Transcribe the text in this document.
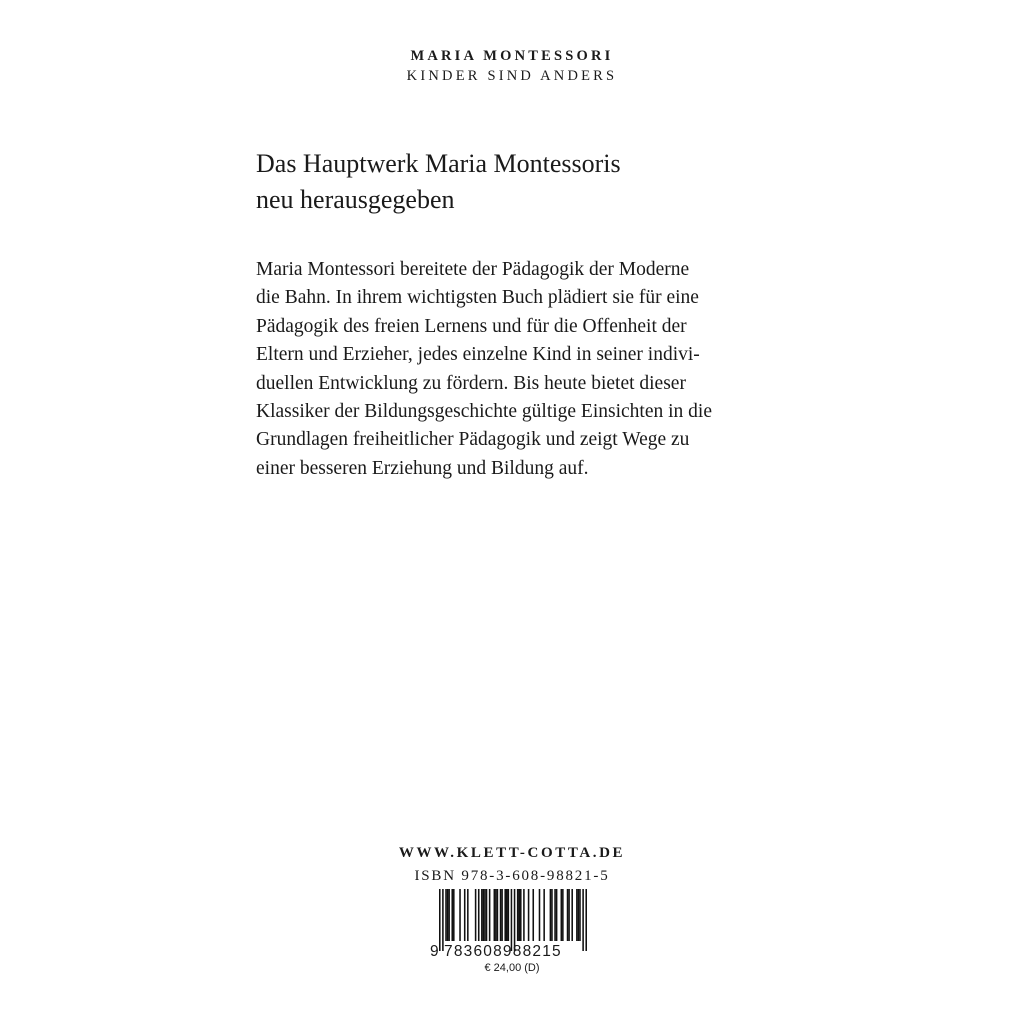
MARIA MONTESSORI
KINDER SIND ANDERS
Das Hauptwerk Maria Montessoris
neu herausgegeben
Maria Montessori bereitete der Pädagogik der Moderne
die Bahn. In ihrem wichtigsten Buch plädiert sie für eine
Pädagogik des freien Lernens und für die Offenheit der
Eltern und Erzieher, jedes einzelne Kind in seiner indivi-
duellen Entwicklung zu fördern. Bis heute bietet dieser
Klassiker der Bildungsgeschichte gültige Einsichten in die
Grundlagen freiheitlicher Pädagogik und zeigt Wege zu
einer besseren Erziehung und Bildung auf.
WWW.KLETT-COTTA.DE
ISBN 978-3-608-98821-5
9 783608988215
€ 24,00 (D)
